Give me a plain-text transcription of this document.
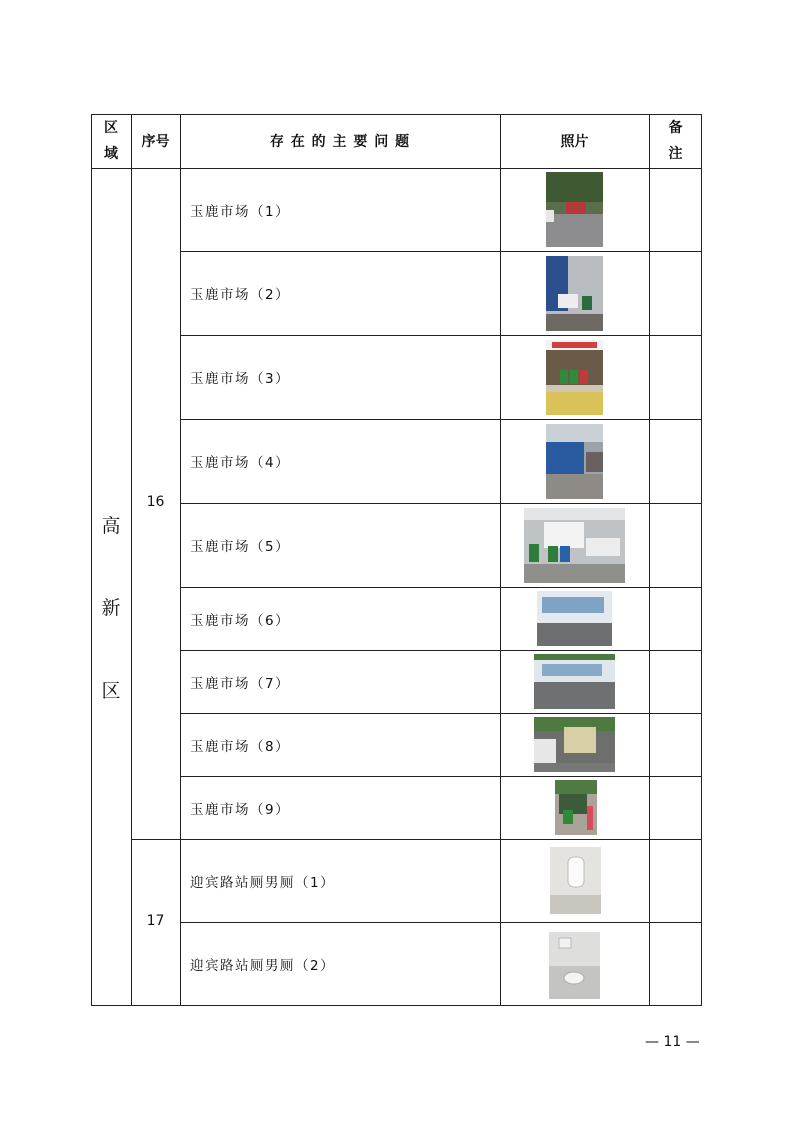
区
域
序号	存 在 的 主 要 问 题	照片
备
注
高
新
区
16
17
玉鹿市场（1）
玉鹿市场（2）
玉鹿市场（3）
玉鹿市场（4）
玉鹿市场（5）
玉鹿市场（6）
玉鹿市场（7）
玉鹿市场（8）
玉鹿市场（9）
迎宾路站厕男厕（1）
迎宾路站厕男厕（2）
— 11 —
